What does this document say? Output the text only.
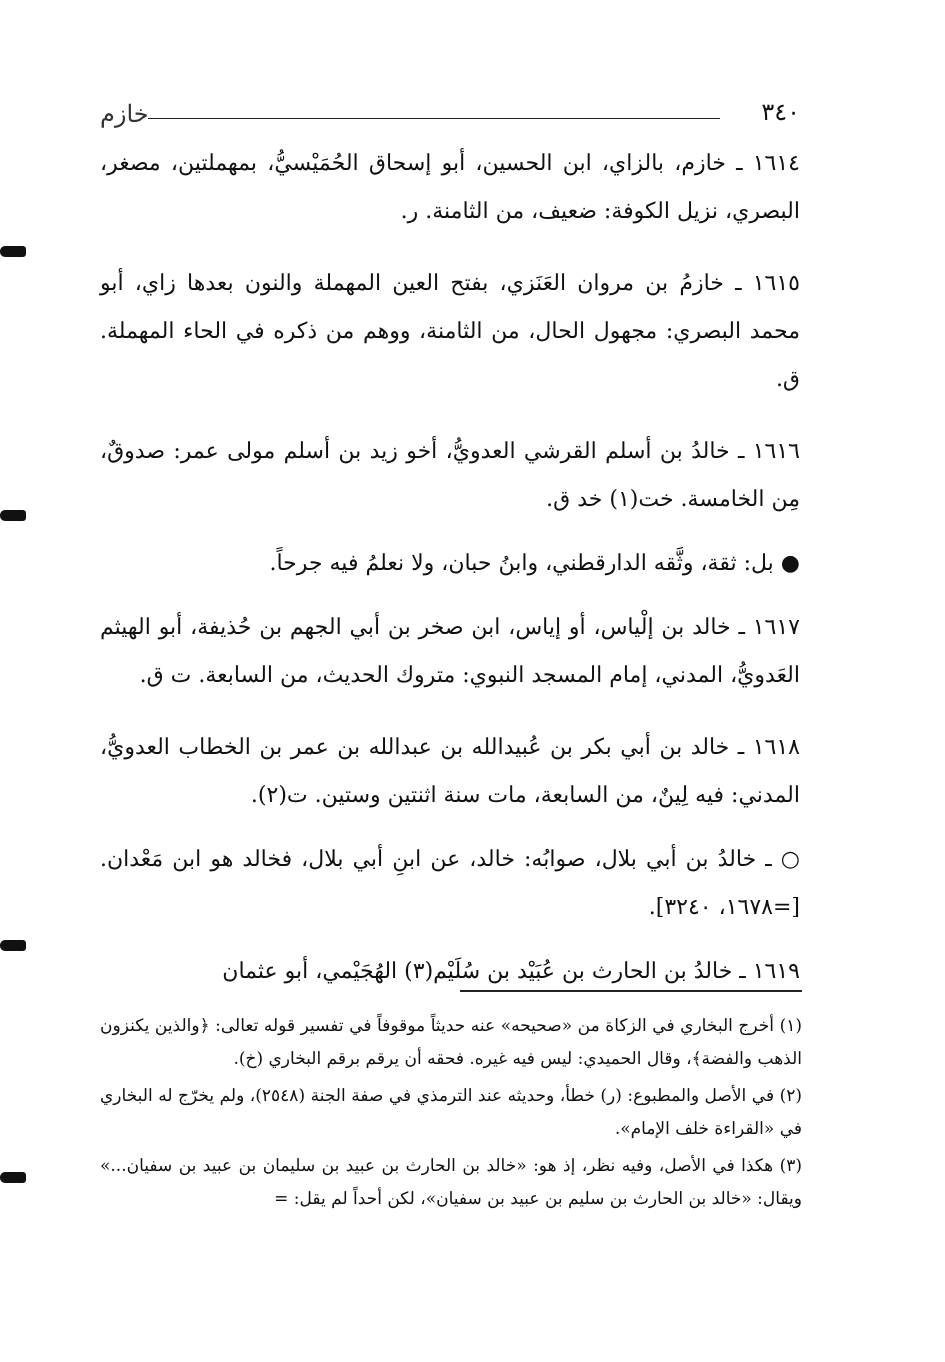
٣٤٠
خازم

١٦١٤ ـ خازم، بالزاي، ابن الحسين، أبو إسحاق الحُمَيْسيُّ، بمهملتين، مصغر، البصري، نزيل الكوفة: ضعيف، من الثامنة. ر.

١٦١٥ ـ خازمُ بن مروان العَنَزي، بفتح العين المهملة والنون بعدها زاي، أبو محمد البصري: مجهول الحال، من الثامنة، ووهم من ذكره في الحاء المهملة. ق.

١٦١٦ ـ خالدُ بن أسلم القرشي العدويُّ، أخو زيد بن أسلم مولى عمر: صدوقٌ، مِن الخامسة. خت(١) خد ق.

● بل: ثقة، وثَّقه الدارقطني، وابنُ حبان، ولا نعلمُ فيه جرحاً.

١٦١٧ ـ خالد بن إلْياس، أو إياس، ابن صخر بن أبي الجهم بن حُذيفة، أبو الهيثم العَدويُّ، المدني، إمام المسجد النبوي: متروك الحديث، من السابعة. ت ق.

١٦١٨ ـ خالد بن أبي بكر بن عُبيدالله بن عبدالله بن عمر بن الخطاب العدويُّ، المدني: فيه لِينٌ، من السابعة، مات سنة اثنتين وستين. ت(٢).

○ ـ خالدُ بن أبي بلال، صوابُه: خالد، عن ابنِ أبي بلال، فخالد هو ابن مَعْدان. [=١٦٧٨، ٣٢٤٠].

١٦١٩ ـ خالدُ بن الحارث بن عُبَيْد بن سُلَيْم(٣) الهُجَيْمي، أبو عثمان

(١) أخرج البخاري في الزكاة من «صحيحه» عنه حديثاً موقوفاً في تفسير قوله تعالى: ﴿والذين يكنزون الذهب والفضة﴾، وقال الحميدي: ليس فيه غيره. فحقه أن يرقم برقم البخاري (خ).

(٢) في الأصل والمطبوع: (ر) خطأ، وحديثه عند الترمذي في صفة الجنة (٢٥٤٨)، ولم يخرّج له البخاري في «القراءة خلف الإمام».

(٣) هكذا في الأصل، وفيه نظر، إذ هو: «خالد بن الحارث بن عبيد بن سليمان بن عبيد بن سفيان...» ويقال: «خالد بن الحارث بن سليم بن عبيد بن سفيان»، لكن أحداً لم يقل: =
